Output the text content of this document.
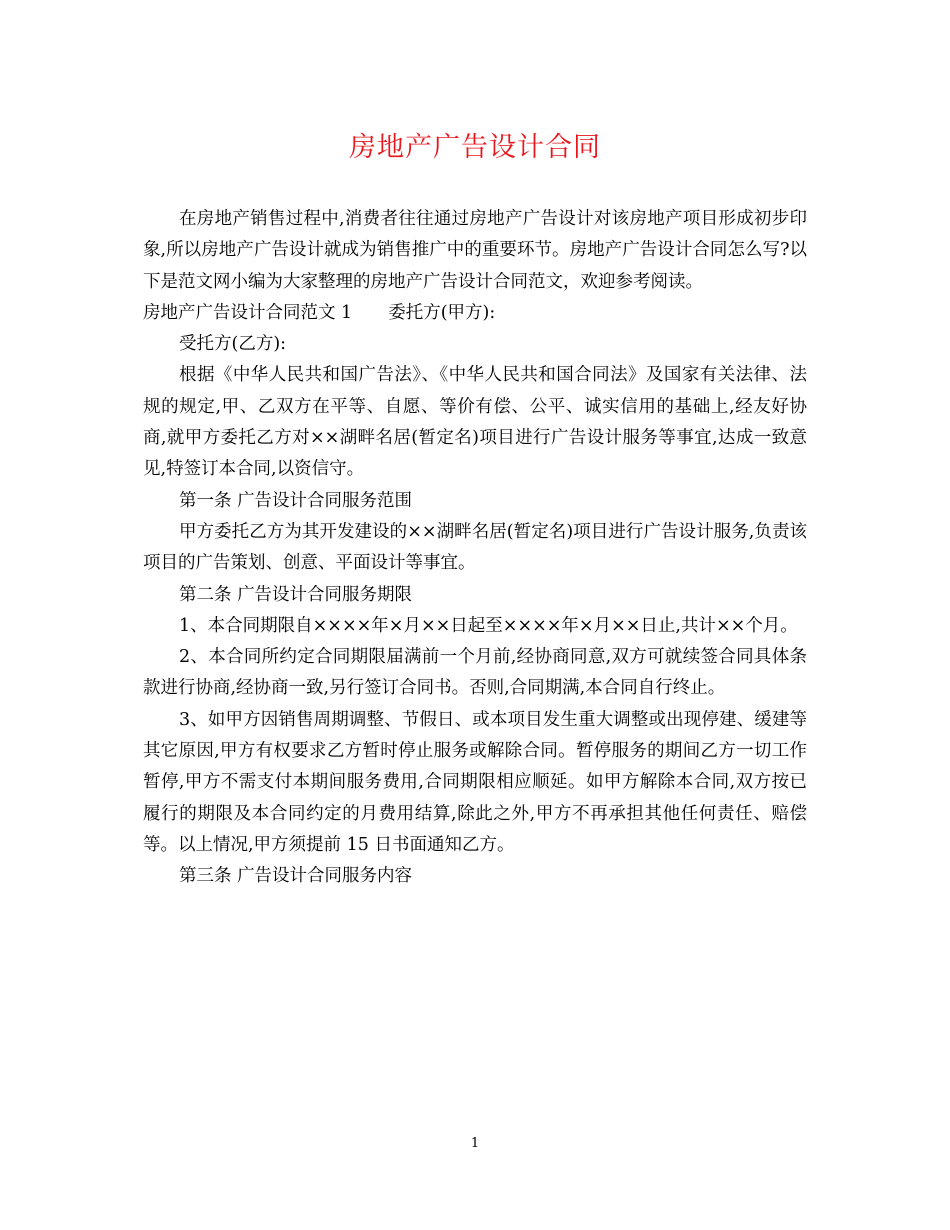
房地产广告设计合同

在房地产销售过程中,消费者往往通过房地产广告设计对该房地产项目形成初步印象,所以房地产广告设计就成为销售推广中的重要环节。房地产广告设计合同怎么写?以下是范文网小编为大家整理的房地产广告设计合同范文，欢迎参考阅读。

房地产广告设计合同范文 1 委托方(甲方):

受托方(乙方):

根据《中华人民共和国广告法》、《中华人民共和国合同法》及国家有关法律、法规的规定,甲、乙双方在平等、自愿、等价有偿、公平、诚实信用的基础上,经友好协商,就甲方委托乙方对××湖畔名居(暂定名)项目进行广告设计服务等事宜,达成一致意见,特签订本合同,以资信守。

第一条 广告设计合同服务范围

甲方委托乙方为其开发建设的××湖畔名居(暂定名)项目进行广告设计服务,负责该项目的广告策划、创意、平面设计等事宜。

第二条 广告设计合同服务期限

1、本合同期限自××××年×月××日起至××××年×月××日止,共计××个月。

2、本合同所约定合同期限届满前一个月前,经协商同意,双方可就续签合同具体条款进行协商,经协商一致,另行签订合同书。否则,合同期满,本合同自行终止。

3、如甲方因销售周期调整、节假日、或本项目发生重大调整或出现停建、缓建等其它原因,甲方有权要求乙方暂时停止服务或解除合同。暂停服务的期间乙方一切工作暂停,甲方不需支付本期间服务费用,合同期限相应顺延。如甲方解除本合同,双方按已履行的期限及本合同约定的月费用结算,除此之外,甲方不再承担其他任何责任、赔偿等。以上情况,甲方须提前 15 日书面通知乙方。

第三条 广告设计合同服务内容

1
